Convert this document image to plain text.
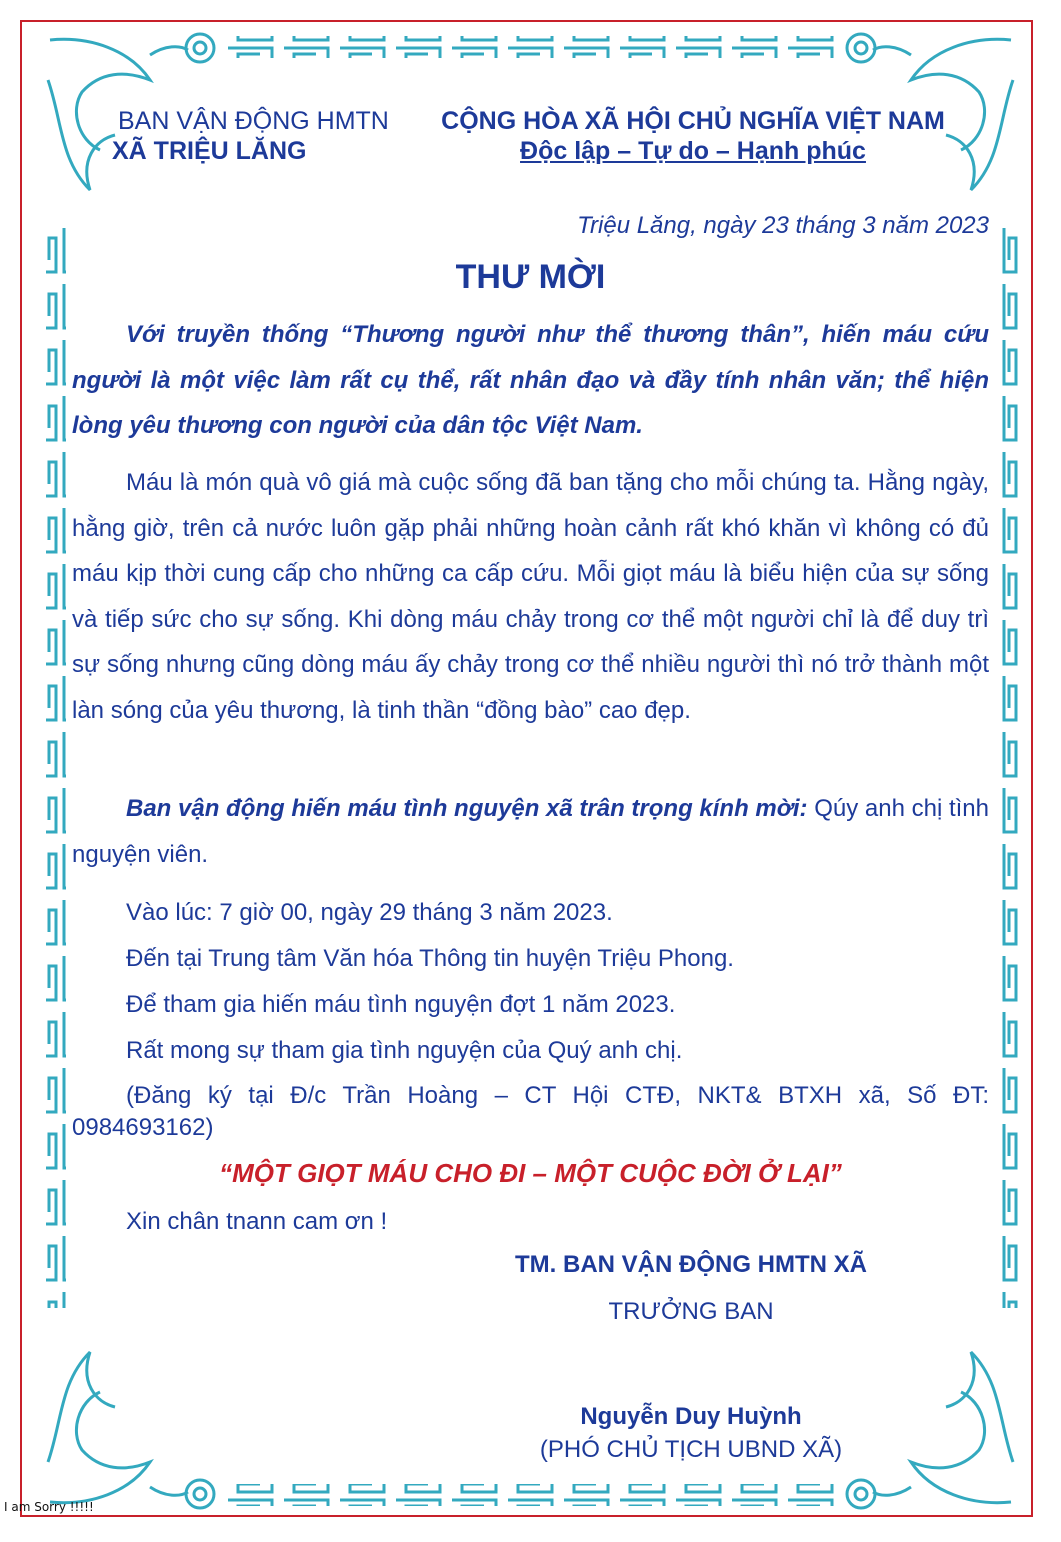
BAN VẬN ĐỘNG HMTN
XÃ TRIỆU LĂNG
CỘNG HÒA XÃ HỘI CHỦ NGHĨA VIỆT NAM
Độc lập – Tự do – Hạnh phúc

Triệu Lăng, ngày 23 tháng 3 năm 2023

THƯ MỜI

Với truyền thống “Thương người như thể thương thân”, hiến máu cứu người là một việc làm rất cụ thể, rất nhân đạo và đầy tính nhân văn; thể hiện lòng yêu thương con người của dân tộc Việt Nam.

Máu là món quà vô giá mà cuộc sống đã ban tặng cho mỗi chúng ta. Hằng ngày, hằng giờ, trên cả nước luôn gặp phải những hoàn cảnh rất khó khăn vì không có đủ máu kịp thời cung cấp cho những ca cấp cứu. Mỗi giọt máu là biểu hiện của sự sống và tiếp sức cho sự sống. Khi dòng máu chảy trong cơ thể một người chỉ là để duy trì sự sống nhưng cũng dòng máu ấy chảy trong cơ thể nhiều người thì nó trở thành một làn sóng của yêu thương, là tinh thần “đồng bào” cao đẹp.

Ban vận động hiến máu tình nguyện xã trân trọng kính mời: Qúy anh chị tình nguyện viên.

Vào lúc: 7 giờ 00, ngày 29 tháng 3 năm 2023.

Đến tại Trung tâm Văn hóa Thông tin huyện Triệu Phong.

Để tham gia hiến máu tình nguyện đợt 1 năm 2023.

Rất mong sự tham gia tình nguyện của Quý anh chị.

(Đăng ký tại Đ/c Trần Hoàng – CT Hội CTĐ, NKT& BTXH xã, Số ĐT: 0984693162)

“MỘT GIỌT MÁU CHO ĐI – MỘT CUỘC ĐỜI Ở LẠI”

Xin chân tnann cam ơn !

TM. BAN VẬN ĐỘNG HMTN XÃ

TRƯỞNG BAN

Nguyễn Duy Huỳnh

(PHÓ CHỦ TỊCH UBND XÃ)

I am Sorry !!!!!
